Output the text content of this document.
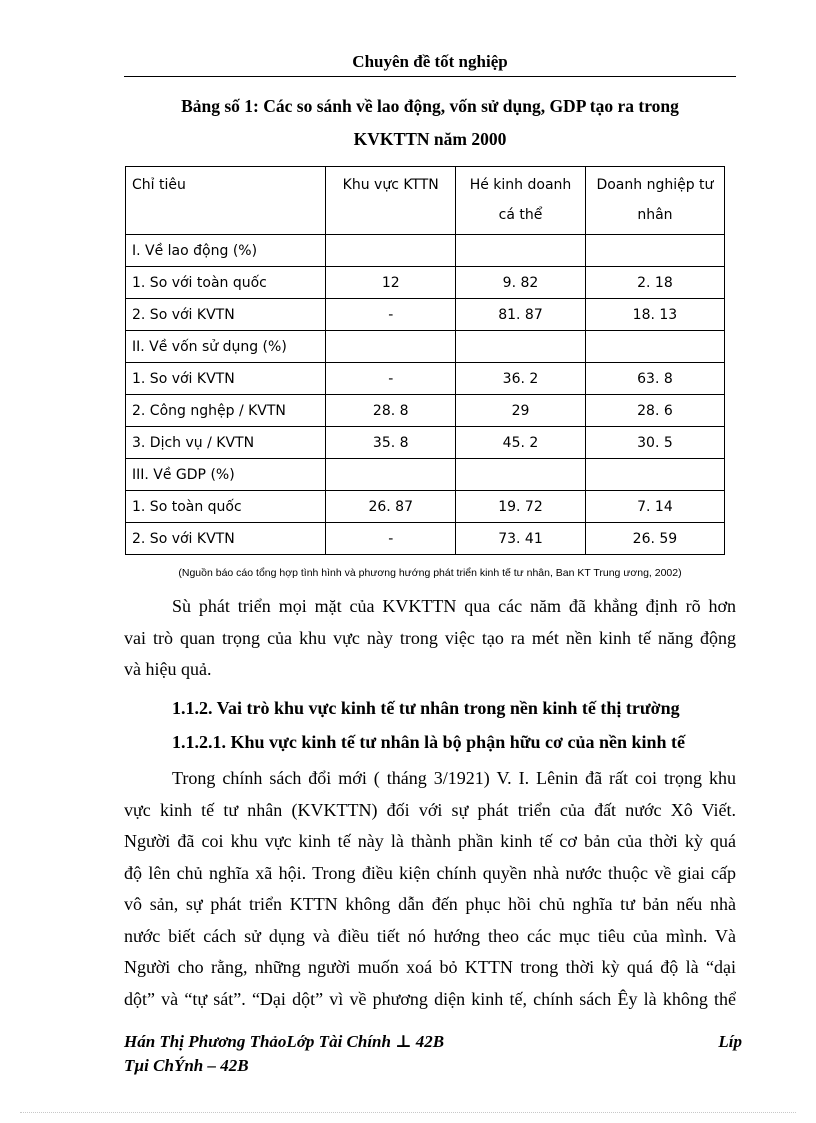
Chuyên đề tốt nghiệp
Bảng số 1: Các so sánh về lao động, vốn sử dụng, GDP tạo ra trong
KVKTTN năm 2000
Chỉ tiêu	Khu vực KTTN	Hé kinh doanh cá thể	Doanh nghiệp tư nhân

I. Về lao động (%)			
1. So với toàn quốc	12	9. 82	2. 18
2. So với KVTN	-	81. 87	18. 13
II. Về vốn sử dụng (%)			
1. So với KVTN	-	36. 2	63. 8
2. Công nghệp / KVTN	28. 8	29	28. 6
3. Dịch vụ / KVTN	35. 8	45. 2	30. 5
III. Về GDP (%)			
1. So toàn quốc	26. 87	19. 72	7. 14
2. So với KVTN	-	73. 41	26. 59
(Nguồn báo cáo tổng hợp tình hình và phương hướng phát triển kinh tế tư nhân, Ban KT Trung ương, 2002)

Sù phát triển mọi mặt của KVKTTN qua các năm đã khẳng định rõ hơn
vai trò quan trọng của khu vực này trong việc tạo ra mét nền kinh tế năng động
và hiệu quả.

1.1.2. Vai trò khu vực kinh tế tư nhân trong nền kinh tế thị trường
1.1.2.1. Khu vực kinh tế tư nhân là bộ phận hữu cơ của nền kinh tế

Trong chính sách đổi mới ( tháng 3/1921) V. I. Lênin đã rất coi trọng khu
vực kinh tế tư nhân (KVKTTN) đối với sự phát triển của đất nước Xô Viết.
Người đã coi khu vực kinh tế này là thành phần kinh tế cơ bản của thời kỳ quá
độ lên chủ nghĩa xã hội. Trong điều kiện chính quyền nhà nước thuộc về giai cấp
vô sản, sự phát triển KTTN không dẫn đến phục hồi chủ nghĩa tư bản nếu nhà
nước biết cách sử dụng và điều tiết nó hướng theo các mục tiêu của mình. Và
Người cho rằng, những người muốn xoá bỏ KTTN trong thời kỳ quá độ là “dại
dột” và “tự sát”. “Dại dột” vì về phương diện kinh tế, chính sách Êy là không thể

Hán Thị Phương ThảoLớp Tài Chính ⊥ 42B	Líp
Tµi ChÝnh – 42B
